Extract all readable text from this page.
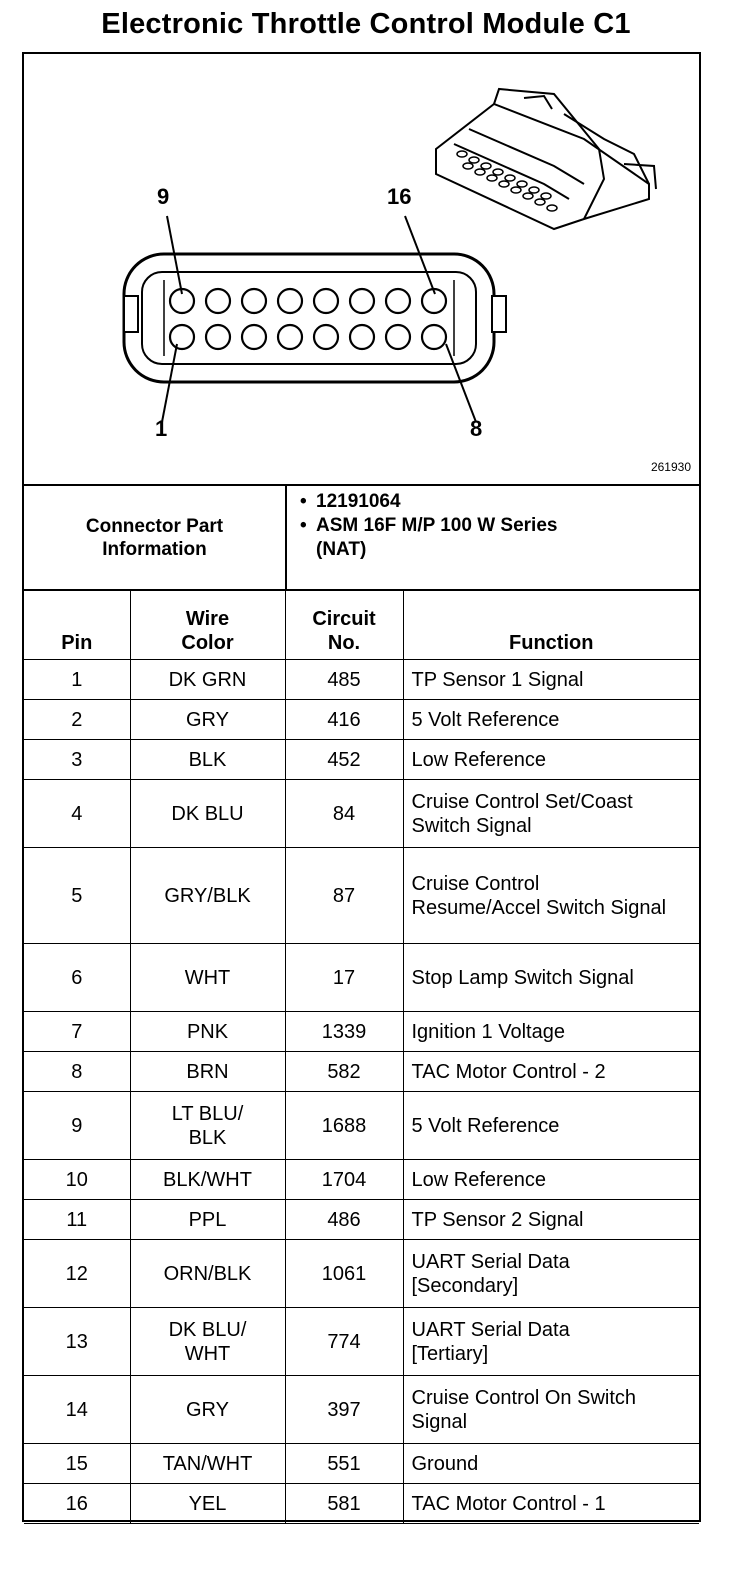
Electronic Throttle Control Module C1
9	16
1	8
261930
Connector Part Information
• 12191064
• ASM 16F M/P 100 W Series (NAT)
Pin	Wire Color	Circuit No.	Function
1	DK GRN	485	TP Sensor 1 Signal
2	GRY	416	5 Volt Reference
3	BLK	452	Low Reference
4	DK BLU	84	Cruise Control Set/Coast Switch Signal

5	GRY/BLK	87	Cruise Control Resume/Accel Switch Signal

6	WHT	17	Stop Lamp Switch Signal

7	PNK	1339	Ignition 1 Voltage
8	BRN	582	TAC Motor Control - 2
9	LT BLU/ BLK	1688	5 Volt Reference
10	BLK/WHT	1704	Low Reference
11	PPL	486	TP Sensor 2 Signal
12	ORN/BLK	1061	UART Serial Data [Secondary]

13	DK BLU/ WHT	774	UART Serial Data [Tertiary]

14	GRY	397	Cruise Control On Switch Signal

15	TAN/WHT	551	Ground
16	YEL	581	TAC Motor Control - 1
